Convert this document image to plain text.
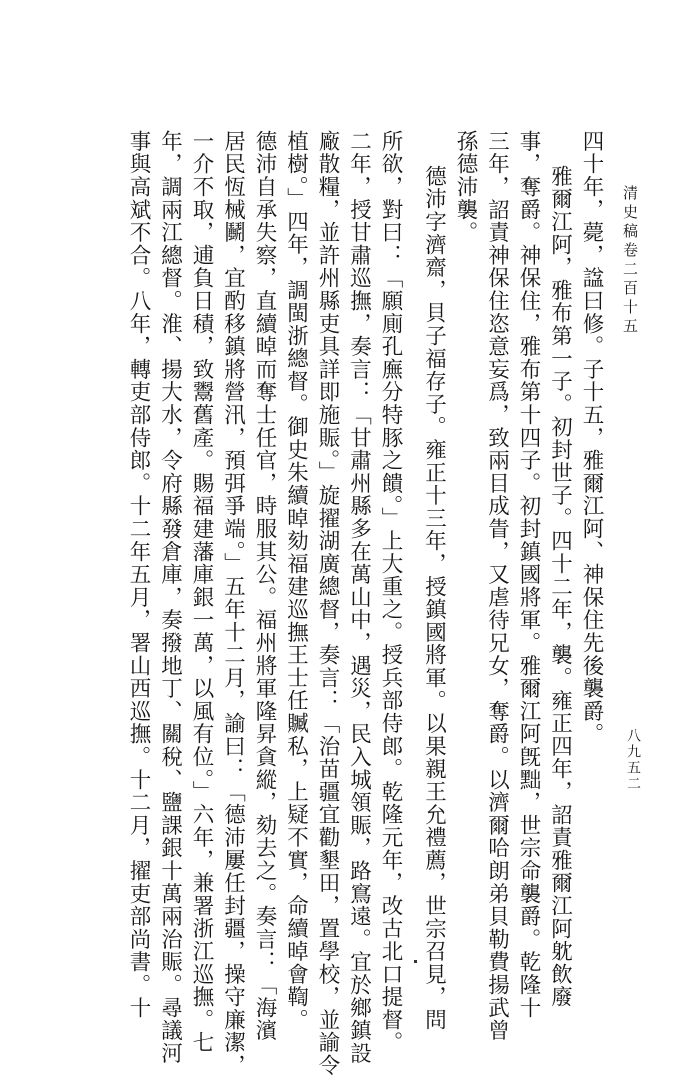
清史稿卷二百十五
八九五二
四十年，薨，諡曰修。子十五，雅爾江阿、神保住先後襲爵。
雅爾江阿，雅布第一子。初封世子。四十二年，襲。雍正四年，詔責雅爾江阿躭飲廢
事，奪爵。神保住，雅布第十四子。初封鎮國將軍。雅爾江阿旣黜，世宗命襲爵。乾隆十
三年，詔責神保住恣意妄爲，致兩目成眚，又虐待兄女，奪爵。以濟爾哈朗弟貝勒費揚武曾
孫德沛襲。
德沛字濟齋，貝子福存子。雍正十三年，授鎮國將軍。以果親王允禮薦，世宗召見，問
所欲，對曰：「願廁孔廡分特豚之饋。」上大重之。授兵部侍郎。乾隆元年，改古北口提督。
二年，授甘肅巡撫，奏言：「甘肅州縣多在萬山中，遇災，民入城領賑，路窵遠。宜於鄉鎮設
廠散糧，並許州縣吏具詳即施賑。」旋擢湖廣總督，奏言：「治苗疆宜勸墾田，置學校，並諭令
植樹。」四年，調閩浙總督。御史朱續晫劾福建巡撫王士任贓私，上疑不實，命續晫會鞫。
德沛自承失察，直續晫而奪士任官，時服其公。福州將軍隆昇貪縱，劾去之。奏言：「海濱
居民恆械鬭，宜酌移鎮將營汛，預弭爭端。」五年十二月，諭曰：「德沛屢任封疆，操守廉潔，
一介不取，逋負日積，致鬻舊產。賜福建藩庫銀一萬，以風有位。」六年，兼署浙江巡撫。七
年，調兩江總督。淮、揚大水，令府縣發倉庫，奏撥地丁、關稅、鹽課銀十萬兩治賑。尋議河
事與高斌不合。八年，轉吏部侍郎。十二年五月，署山西巡撫。十二月，擢吏部尚書。十
